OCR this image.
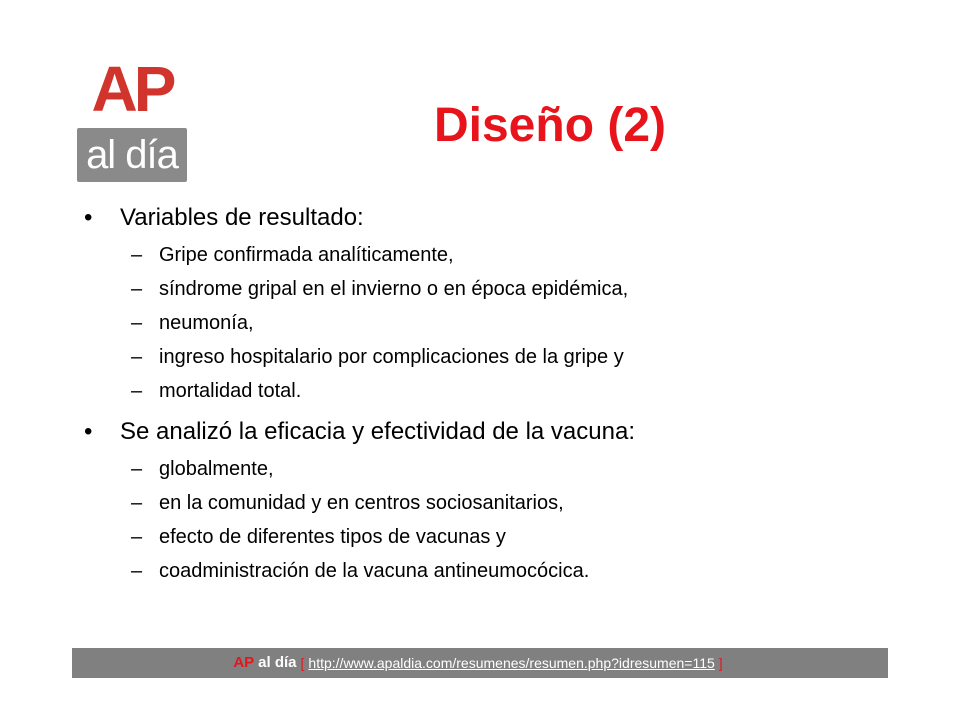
AP
al día
Diseño (2)
• Variables de resultado:
– Gripe confirmada analíticamente,
– síndrome gripal en el invierno o en época epidémica,
– neumonía,
– ingreso hospitalario por complicaciones de la gripe y
– mortalidad total.
• Se analizó la eficacia y efectividad de la vacuna:
– globalmente,
– en la comunidad y en centros sociosanitarios,
– efecto de diferentes tipos de vacunas y
– coadministración de la vacuna antineumocócica.
AP al día [ http://www.apaldia.com/resumenes/resumen.php?idresumen=115 ]
